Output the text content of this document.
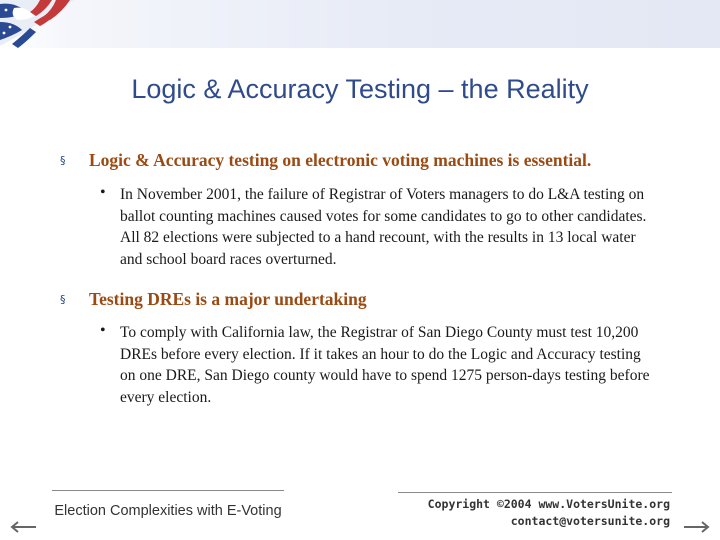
Logic & Accuracy Testing – the Reality
§ Logic & Accuracy testing on electronic voting machines is essential.
• In November 2001, the failure of Registrar of Voters managers to do L&A testing on ballot counting machines caused votes for some candidates to go to other candidates. All 82 elections were subjected to a hand recount, with the results in 13 local water and school board races overturned.
§ Testing DREs is a major undertaking
• To comply with California law, the Registrar of San Diego County must test 10,200 DREs before every election. If it takes an hour to do the Logic and Accuracy testing on one DRE, San Diego county would have to spend 1275 person-days testing before every election.
Election Complexities with E-Voting	Copyright ©2004 www.VotersUnite.org
contact@votersunite.org
